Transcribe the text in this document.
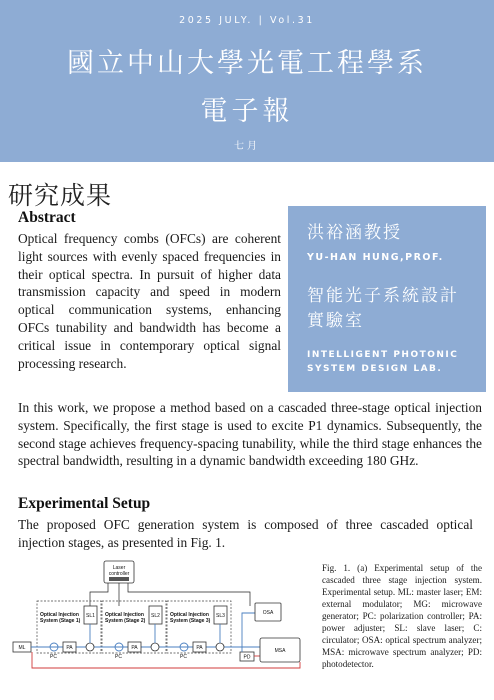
2025 JULY. | Vol.31
國立中山大學光電工程學系
電子報
七月
研究成果
Abstract
Optical frequency combs (OFCs) are coherent light sources with evenly spaced frequencies in their optical spectra. In pursuit of higher data transmission capacity and speed in modern optical communication systems, enhancing OFCs tunability and bandwidth has become a critical issue in contemporary optical signal processing research.
洪裕涵教授
YU-HAN HUNG,PROF.
智能光子系統設計實驗室
INTELLIGENT PHOTONIC SYSTEM DESIGN LAB.
In this work, we propose a method based on a cascaded three-stage optical injection system. Specifically, the first stage is used to excite P1 dynamics. Subsequently, the second stage achieves frequency-spacing tunability, while the third stage enhances the spectral bandwidth, resulting in a dynamic bandwidth exceeding 180 GHz.
Experimental Setup
The proposed OFC generation system is composed of three cascaded optical injection stages, as presented in Fig. 1.
Laser
controller
Optical Injection
System (Stage 1)
Optical Injection
System (Stage 2)
Optical Injection
System (Stage 3)
SL1	SL2	SL3
ML	PA
PC
PA
PC
PA
PC
OSA
PD
MSA
Fig. 1. (a) Experimental setup of the cascaded three stage injection system. Experimental setup. ML: master laser; EM: external modulator; MG: microwave generator; PC: polarization controller; PA: power adjuster; SL: slave laser; C: circulator; OSA: optical spectrum analyzer; MSA: microwave spectrum analyzer; PD: photodetector.
